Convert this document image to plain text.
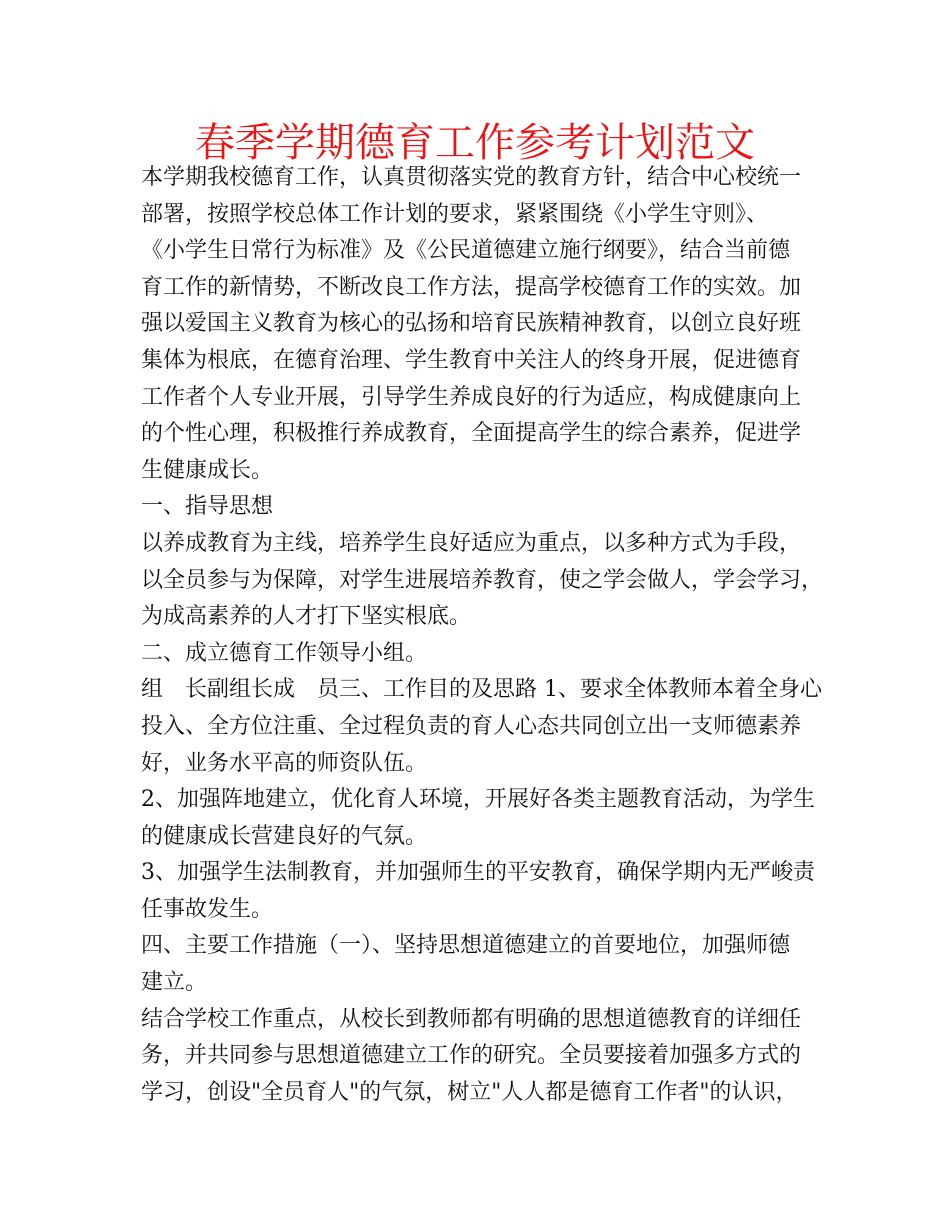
春季学期德育工作参考计划范文
本学期我校德育工作，认真贯彻落实党的教育方针，结合中心校统一
部署，按照学校总体工作计划的要求，紧紧围绕《小学生守则》、
《小学生日常行为标准》及《公民道德建立施行纲要》，结合当前德
育工作的新情势，不断改良工作方法，提高学校德育工作的实效。加
强以爱国主义教育为核心的弘扬和培育民族精神教育，以创立良好班
集体为根底，在德育治理、学生教育中关注人的终身开展，促进德育
工作者个人专业开展，引导学生养成良好的行为适应，构成健康向上
的个性心理，积极推行养成教育，全面提高学生的综合素养，促进学
生健康成长。
一、指导思想
以养成教育为主线，培养学生良好适应为重点，以多种方式为手段，
以全员参与为保障，对学生进展培养教育，使之学会做人，学会学习，
为成高素养的人才打下坚实根底。
二、成立德育工作领导小组。
组　长副组长成　员三、工作目的及思路 1、要求全体教师本着全身心
投入、全方位注重、全过程负责的育人心态共同创立出一支师德素养
好，业务水平高的师资队伍。
2、加强阵地建立，优化育人环境，开展好各类主题教育活动，为学生
的健康成长营建良好的气氛。
3、加强学生法制教育，并加强师生的平安教育，确保学期内无严峻责
任事故发生。
四、主要工作措施（一）、坚持思想道德建立的首要地位，加强师德
建立。
结合学校工作重点，从校长到教师都有明确的思想道德教育的详细任
务，并共同参与思想道德建立工作的研究。全员要接着加强多方式的
学习，创设"全员育人"的气氛，树立"人人都是德育工作者"的认识，
